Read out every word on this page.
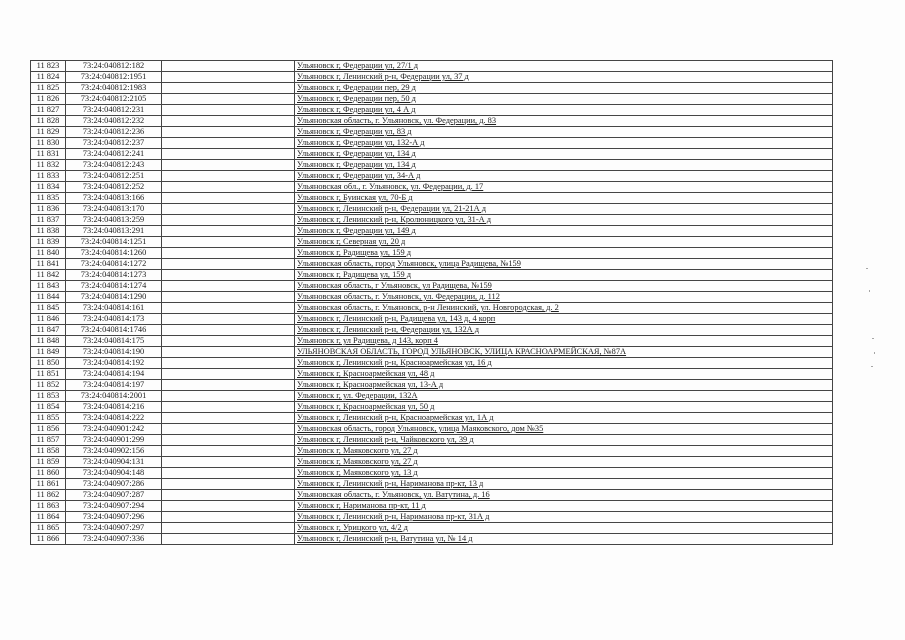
11 823	73:24:040812:182		Ульяновск г, Федерации ул, 27/1 д
11 824	73:24:040812:1951		Ульяновск г, Ленинский р-н, Федерации ул, 37 д
11 825	73:24:040812:1983		Ульяновск г, Федерации пер, 29 д
11 826	73:24:040812:2105		Ульяновск г, Федерации пер, 50 д
11 827	73:24:040812:231		Ульяновск г, Федерации ул, 4 А д
11 828	73:24:040812:232		Ульяновская область, г. Ульяновск, ул. Федерации, д. 83
11 829	73:24:040812:236		Ульяновск г, Федерации ул, 83 д
11 830	73:24:040812:237		Ульяновск г, Федерации ул, 132-А д
11 831	73:24:040812:241		Ульяновск г, Федерации ул, 134 д
11 832	73:24:040812:243		Ульяновск г, Федерации ул, 134 д
11 833	73:24:040812:251		Ульяновск г, Федерации ул, 34-А д
11 834	73:24:040812:252		Ульяновская обл., г. Ульяновск, ул. Федерации, д. 17
11 835	73:24:040813:166		Ульяновск г, Буинская ул, 70-Б д
11 836	73:24:040813:170		Ульяновск г, Ленинский р-н, Федерации ул, 21-21А д
11 837	73:24:040813:259		Ульяновск г, Ленинский р-н, Кролюницкого ул, 31-А д
11 838	73:24:040813:291		Ульяновск г, Федерации ул, 149 д
11 839	73:24:040814:1251		Ульяновск г, Северная ул, 20 д
11 840	73:24:040814:1260		Ульяновск г, Радищева ул, 159 д
11 841	73:24:040814:1272		Ульяновская область, город Ульяновск, улица Радищева, №159
11 842	73:24:040814:1273		Ульяновск г, Радищева ул, 159 д
11 843	73:24:040814:1274		Ульяновская область, г Ульяновск, ул Радищева, №159
11 844	73:24:040814:1290		Ульяновская область, г. Ульяновск, ул. Федерации, д. 112
11 845	73:24:040814:161		Ульяновская область, г. Ульяновск, р-н Ленинский, ул. Новгородская, д. 2
11 846	73:24:040814:173		Ульяновск г, Ленинский р-н, Радищева ул, 143 д, 4 корп
11 847	73:24:040814:1746		Ульяновск г, Ленинский р-н, Федерации ул, 132А д
11 848	73:24:040814:175		Ульяновск г, ул Радищева, д 143, корп 4
11 849	73:24:040814:190		УЛЬЯНОВСКАЯ ОБЛАСТЬ, ГОРОД УЛЬЯНОВСК, УЛИЦА КРАСНОАРМЕЙСКАЯ, №87А
11 850	73:24:040814:192		Ульяновск г, Ленинский р-н, Красноармейская ул, 16 д
11 851	73:24:040814:194		Ульяновск г, Красноармейская ул, 48 д
11 852	73:24:040814:197		Ульяновск г, Красноармейская ул, 13-А д
11 853	73:24:040814:2001		Ульяновск г, ул. Федерации, 132А
11 854	73:24:040814:216		Ульяновск г, Красноармейская ул, 50 д
11 855	73:24:040814:222		Ульяновск г, Ленинский р-н, Красноармейская ул, 1А д
11 856	73:24:040901:242		Ульяновская область, город Ульяновск, улица Маяковского, дом №35
11 857	73:24:040901:299		Ульяновск г, Ленинский р-н, Чайковского ул, 39 д
11 858	73:24:040902:156		Ульяновск г, Маяковского ул, 27 д
11 859	73:24:040904:131		Ульяновск г, Маяковского ул, 27 д
11 860	73:24:040904:148		Ульяновск г, Маяковского ул, 13 д
11 861	73:24:040907:286		Ульяновск г, Ленинский р-н, Нариманова пр-кт, 13 д
11 862	73:24:040907:287		Ульяновская область, г. Ульяновск, ул. Ватутина, д. 16
11 863	73:24:040907:294		Ульяновск г, Нариманова пр-кт, 11 д
11 864	73:24:040907:296		Ульяновск г, Ленинский р-н, Нариманова пр-кт, 31А д
11 865	73:24:040907:297		Ульяновск г, Урицкого ул, 4/2 д
11 866	73:24:040907:336		Ульяновск г, Ленинский р-н, Ватутина ул, № 14 д
